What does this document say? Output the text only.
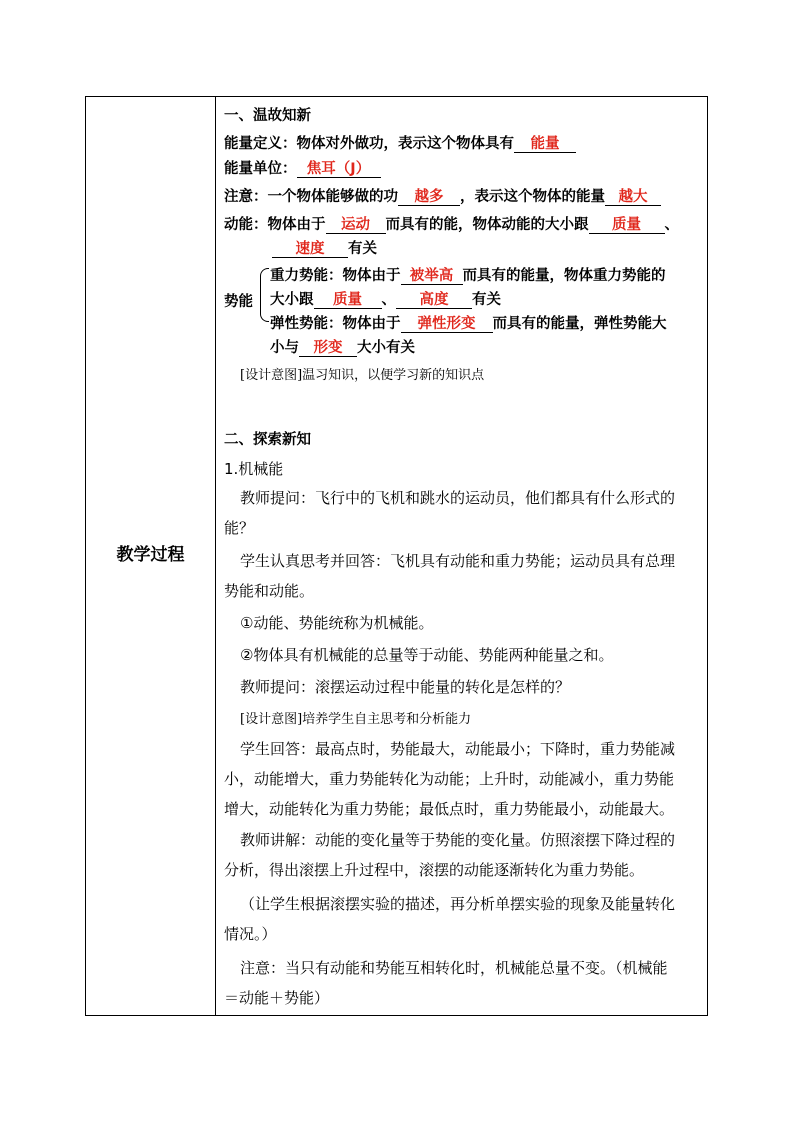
教学过程
一、温故知新
能量定义：物体对外做功，表示这个物体具有 能量
能量单位： 焦耳（J）
注意：一个物体能够做的功 越多 ，表示这个物体的能量 越大
动能：物体由于 运动 而具有的能，物体动能的大小跟 质量 、
速度 有关
势能
重力势能：物体由于 被举高 而具有的能量，物体重力势能的
大小跟 质量 、 高度 有关
弹性势能：物体由于 弹性形变 而具有的能量，弹性势能大
小与 形变 大小有关
[设计意图]温习知识，以便学习新的知识点
二、探索新知
1.机械能
教师提问：飞行中的飞机和跳水的运动员，他们都具有什么形式的
能？
学生认真思考并回答：飞机具有动能和重力势能；运动员具有总理
势能和动能。
①动能、势能统称为机械能。
②物体具有机械能的总量等于动能、势能两种能量之和。
教师提问：滚摆运动过程中能量的转化是怎样的？
[设计意图]培养学生自主思考和分析能力
学生回答：最高点时，势能最大，动能最小；下降时，重力势能减
小，动能增大，重力势能转化为动能；上升时，动能减小，重力势能
增大，动能转化为重力势能；最低点时，重力势能最小，动能最大。
教师讲解：动能的变化量等于势能的变化量。仿照滚摆下降过程的
分析，得出滚摆上升过程中，滚摆的动能逐渐转化为重力势能。
（让学生根据滚摆实验的描述，再分析单摆实验的现象及能量转化
情况。）
注意：当只有动能和势能互相转化时，机械能总量不变。（机械能
＝动能＋势能）
